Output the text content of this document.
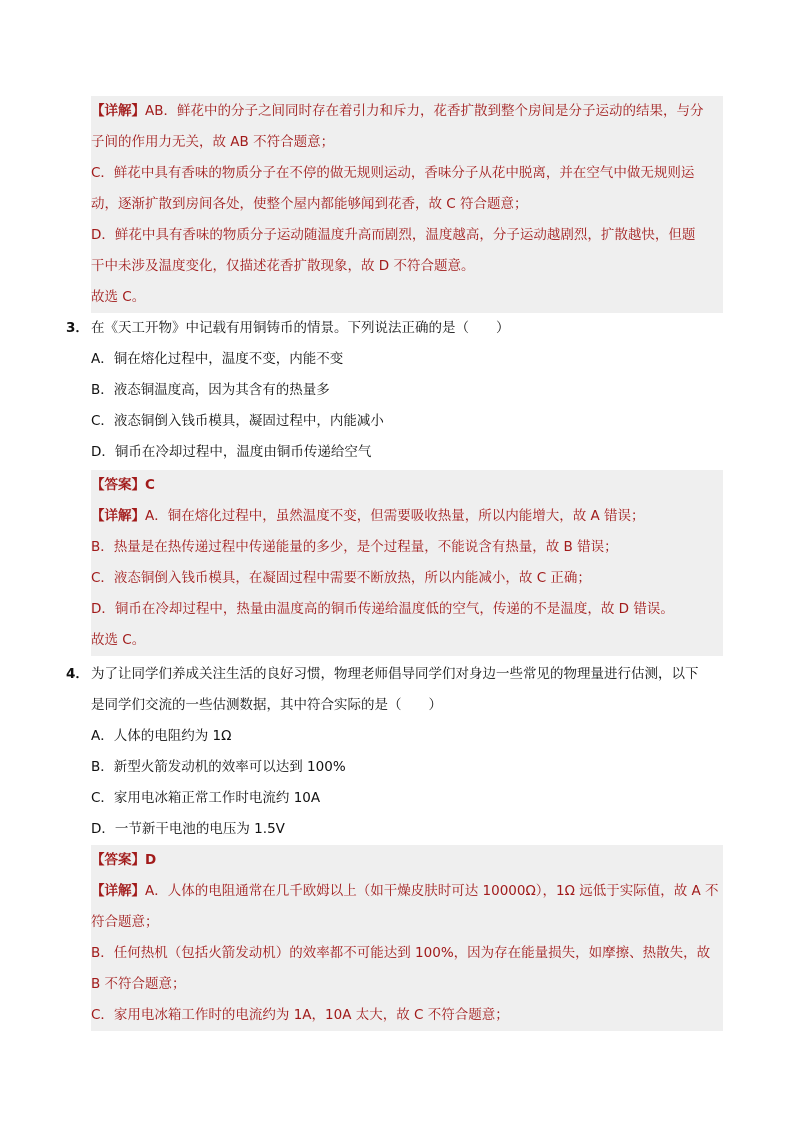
【详解】AB．鲜花中的分子之间同时存在着引力和斥力，花香扩散到整个房间是分子运动的结果，与分
子间的作用力无关，故 AB 不符合题意；
C．鲜花中具有香味的物质分子在不停的做无规则运动，香味分子从花中脱离，并在空气中做无规则运
动，逐渐扩散到房间各处，使整个屋内都能够闻到花香，故 C 符合题意；
D．鲜花中具有香味的物质分子运动随温度升高而剧烈，温度越高，分子运动越剧烈，扩散越快，但题
干中未涉及温度变化，仅描述花香扩散现象，故 D 不符合题意。
故选 C。
3． 在《天工开物》中记载有用铜铸币的情景。下列说法正确的是（　　）
A．铜在熔化过程中，温度不变，内能不变
B．液态铜温度高，因为其含有的热量多
C．液态铜倒入钱币模具，凝固过程中，内能减小
D．铜币在冷却过程中，温度由铜币传递给空气
【答案】C
【详解】A．铜在熔化过程中，虽然温度不变，但需要吸收热量，所以内能增大，故 A 错误；
B．热量是在热传递过程中传递能量的多少，是个过程量，不能说含有热量，故 B 错误；
C．液态铜倒入钱币模具，在凝固过程中需要不断放热，所以内能减小，故 C 正确；
D．铜币在冷却过程中，热量由温度高的铜币传递给温度低的空气，传递的不是温度，故 D 错误。
故选 C。
4． 为了让同学们养成关注生活的良好习惯，物理老师倡导同学们对身边一些常见的物理量进行估测，以下
是同学们交流的一些估测数据，其中符合实际的是（　　）
A．人体的电阻约为 1Ω
B．新型火箭发动机的效率可以达到 100%
C．家用电冰箱正常工作时电流约 10A
D．一节新干电池的电压为 1.5V
【答案】D
【详解】A．人体的电阻通常在几千欧姆以上（如干燥皮肤时可达 10000Ω），1Ω 远低于实际值，故 A 不
符合题意；
B．任何热机（包括火箭发动机）的效率都不可能达到 100%，因为存在能量损失，如摩擦、热散失，故
B 不符合题意；
C．家用电冰箱工作时的电流约为 1A，10A 太大，故 C 不符合题意；
